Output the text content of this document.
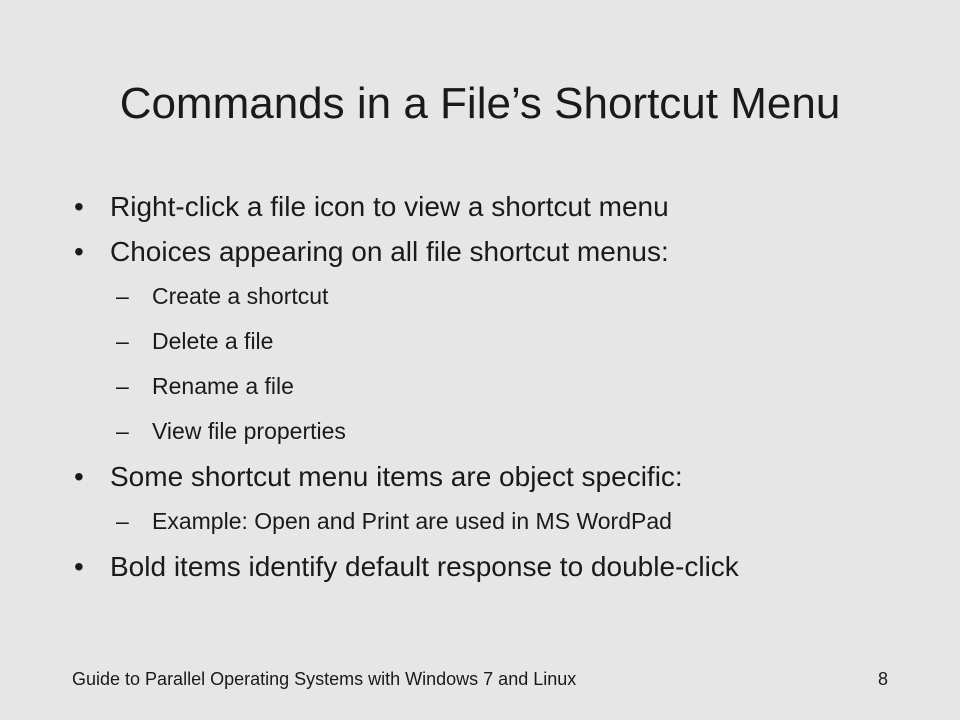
Commands in a File’s Shortcut Menu
• Right-click a file icon to view a shortcut menu
• Choices appearing on all file shortcut menus:
– Create a shortcut
– Delete a file
– Rename a file
– View file properties
• Some shortcut menu items are object specific:
– Example: Open and Print are used in MS WordPad
• Bold items identify default response to double-click
Guide to Parallel Operating Systems with Windows 7 and Linux	8
